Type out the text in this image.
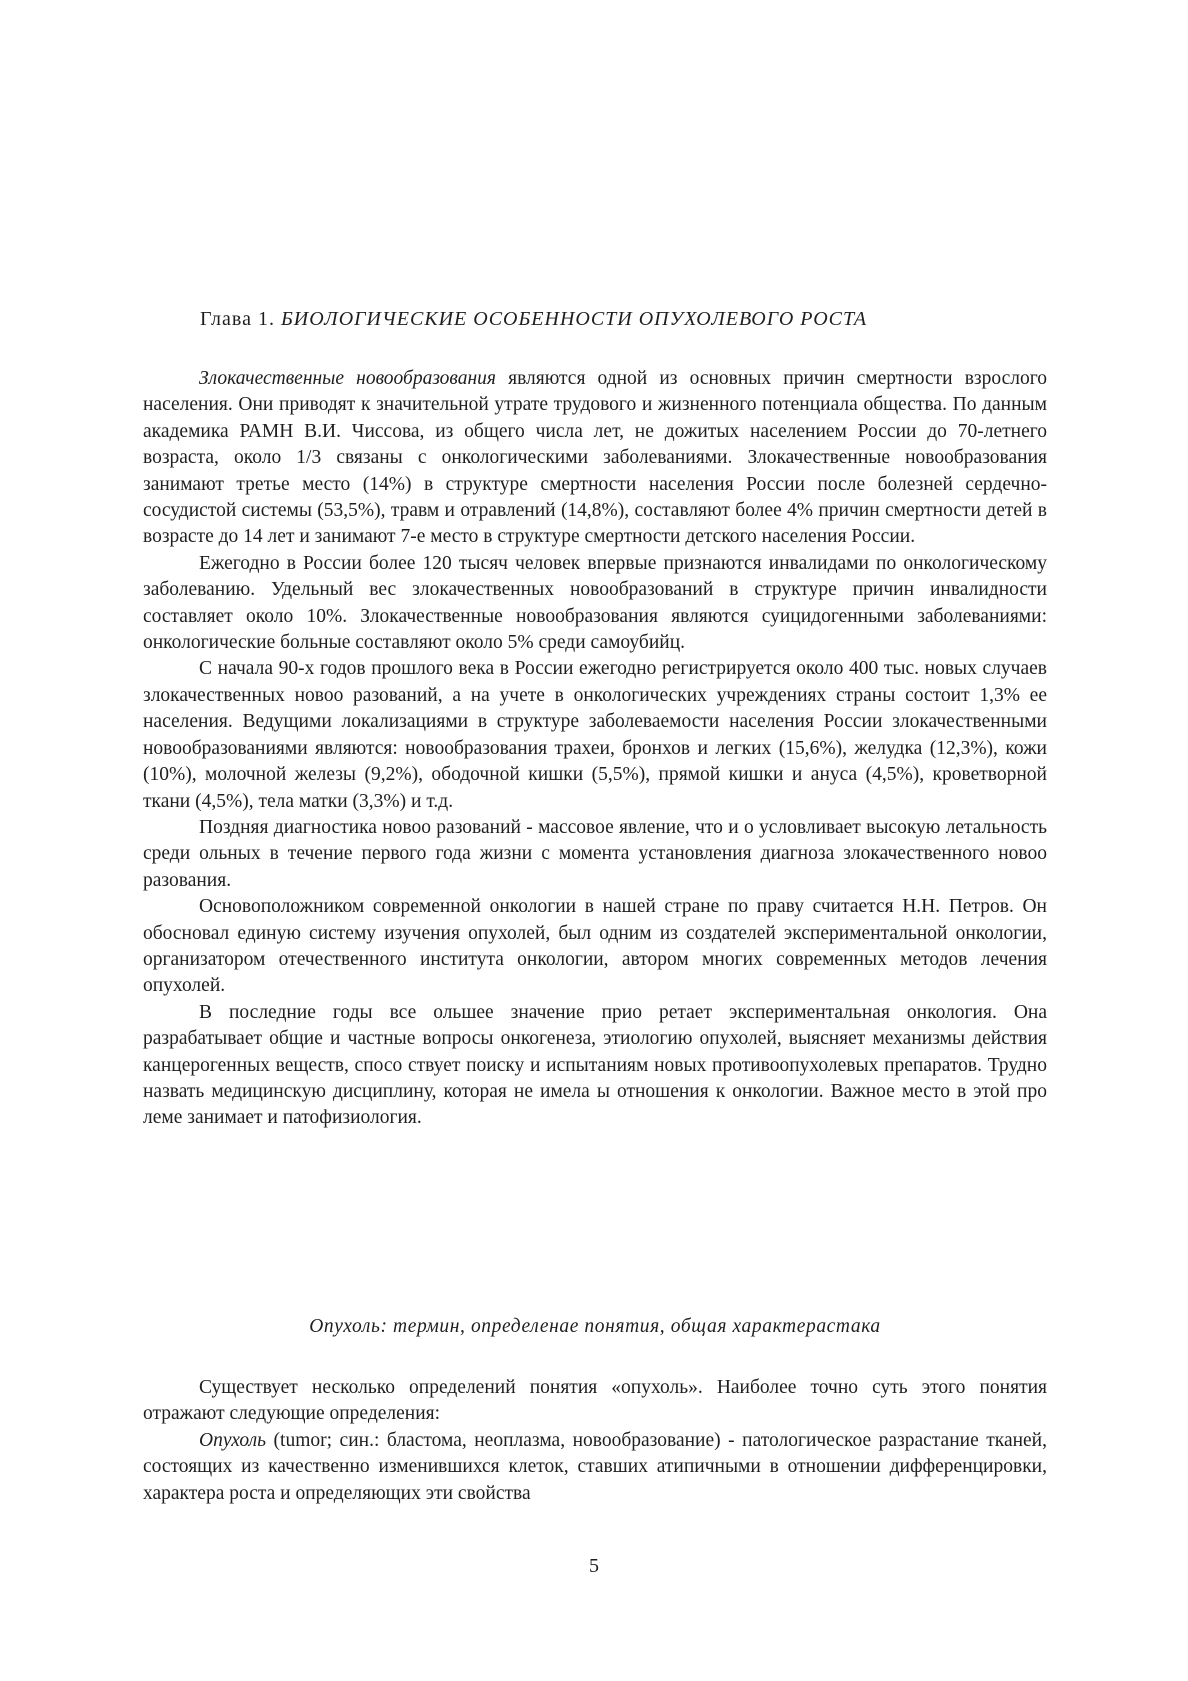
Глава 1. БИОЛОГИЧЕСКИЕ ОСОБЕННОСТИ ОПУХОЛЕВОГО РОСТА

Злокачественные новообразования являются одной из основных причин смертности взрослого населения. Они приводят к значительной утрате трудового и жизненного потенциала общества. По данным академика РАМН В.И. Чиссова, из общего числа лет, не дожитых населением России до 70-летнего возраста, около 1/3 связаны с онкологическими заболеваниями. Злокачественные новообразования занимают третье место (14%) в структуре смертности населения России после болезней сердечно-сосудистой системы (53,5%), травм и отравлений (14,8%), составляют более 4% причин смертности детей в возрасте до 14 лет и занимают 7-е место в структуре смертности детского населения России.

Ежегодно в России более 120 тысяч человек впервые признаются инвалидами по онкологическому заболеванию. Удельный вес злокачественных новообразований в структуре причин инвалидности составляет около 10%. Злокачественные новообразования являются суицидогенными заболеваниями: онкологические больные составляют около 5% среди самоубийц.

С начала 90-х годов прошлого века в России ежегодно регистрируется около 400 тыс. новых случаев злокачественных новоо разований, а на учете в онкологических учреждениях страны состоит 1,3% ее населения. Ведущими локализациями в структуре заболеваемости населения России злокачественными новообразованиями являются: новообразования трахеи, бронхов и легких (15,6%), желудка (12,3%), кожи (10%), молочной железы (9,2%), ободочной кишки (5,5%), прямой кишки и ануса (4,5%), кроветворной ткани (4,5%), тела матки (3,3%) и т.д.

Поздняя диагностика новоо разований - массовое явление, что и о условливает высокую летальность среди ольных в течение первого года жизни с момента установления диагноза злокачественного новоо разования.

Основоположником современной онкологии в нашей стране по праву считается Н.Н. Петров. Он обосновал единую систему изучения опухолей, был одним из создателей экспериментальной онкологии, организатором отечественного института онкологии, автором многих современных методов лечения опухолей.

В последние годы все ольшее значение прио ретает экспериментальная онкология. Она разрабатывает общие и частные вопросы онкогенеза, этиологию опухолей, выясняет механизмы действия канцерогенных веществ, спосо ствует поиску и испытаниям новых противоопухолевых препаратов. Трудно назвать медицинскую дисциплину, которая не имела ы отношения к онкологии. Важное место в этой про леме занимает и патофизиология.

Опухоль: термин, определенае понятия, общая характерастака

Существует несколько определений понятия «опухоль». Наиболее точно суть этого понятия отражают следующие определения:

Опухоль (tumor; син.: бластома, неоплазма, новообразование) - патологическое разрастание тканей, состоящих из качественно изменившихся клеток, ставших атипичными в отношении дифференцировки, характера роста и определяющих эти свойства

5
